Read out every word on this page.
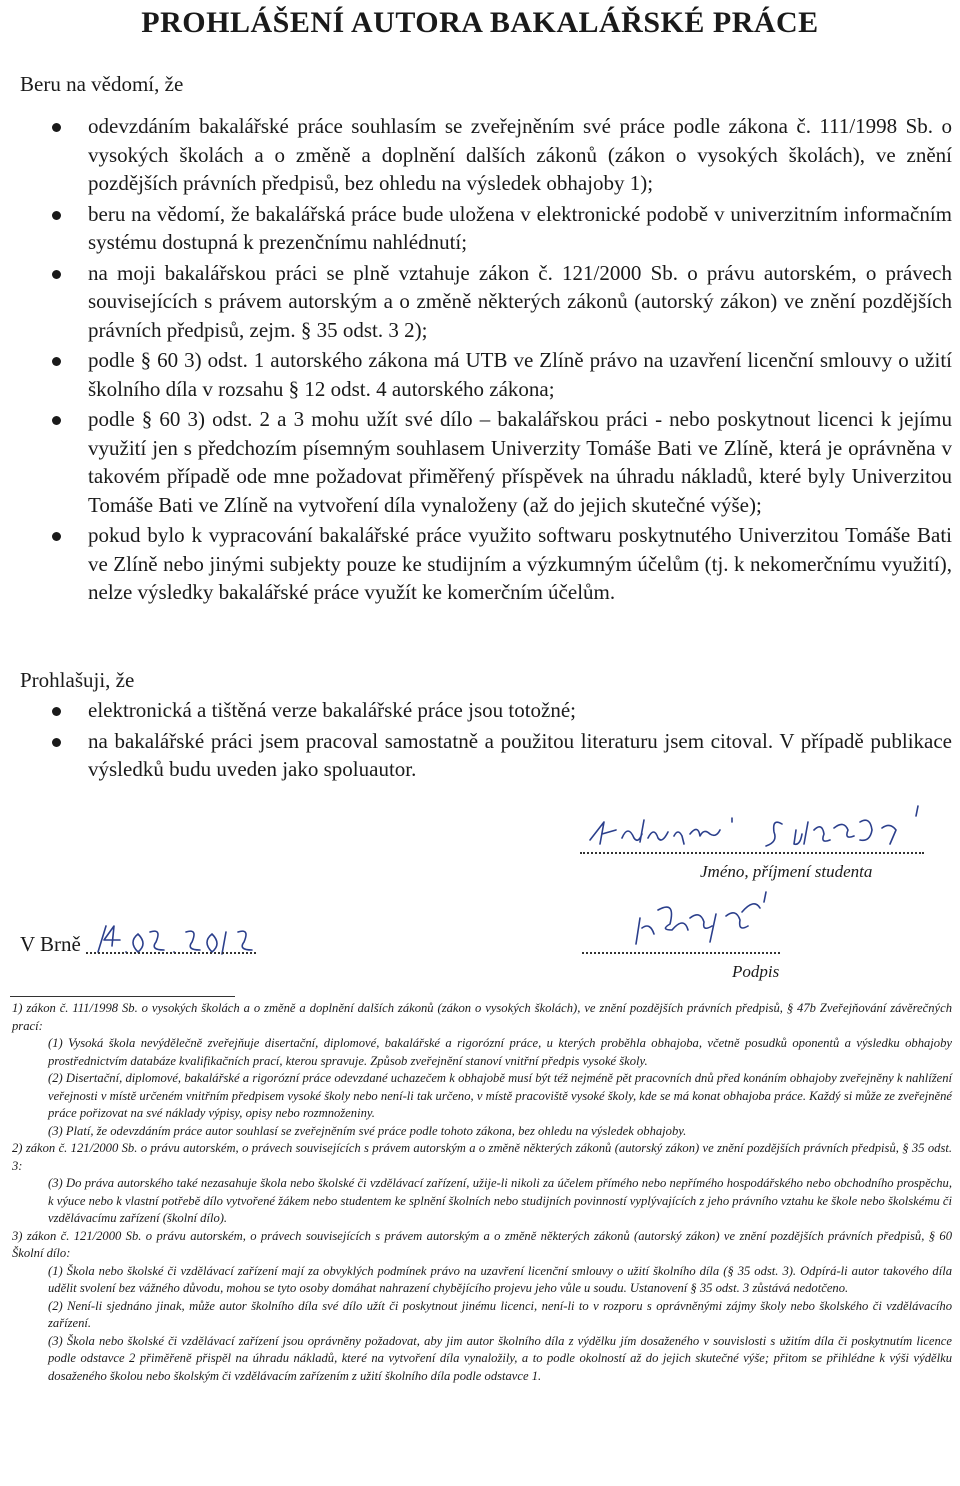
PROHLÁŠENÍ AUTORA BAKALÁŘSKÉ PRÁCE
Beru na vědomí, že
odevzdáním bakalářské práce souhlasím se zveřejněním své práce podle zákona č. 111/1998 Sb. o vysokých školách a o změně a doplnění dalších zákonů (zákon o vysokých školách), ve znění pozdějších právních předpisů, bez ohledu na výsledek obhajoby 1);
beru na vědomí, že bakalářská práce bude uložena v elektronické podobě v univerzitním informačním systému dostupná k prezenčnímu nahlédnutí;
na moji bakalářskou práci se plně vztahuje zákon č. 121/2000 Sb. o právu autorském, o právech souvisejících s právem autorským a o změně některých zákonů (autorský zákon) ve znění pozdějších právních předpisů, zejm. § 35 odst. 3 2);
podle § 60 3) odst. 1 autorského zákona má UTB ve Zlíně právo na uzavření licenční smlouvy o užití školního díla v rozsahu § 12 odst. 4 autorského zákona;
podle § 60 3) odst. 2 a 3 mohu užít své dílo – bakalářskou práci - nebo poskytnout licenci k jejímu využití jen s předchozím písemným souhlasem Univerzity Tomáše Bati ve Zlíně, která je oprávněna v takovém případě ode mne požadovat přiměřený příspěvek na úhradu nákladů, které byly Univerzitou Tomáše Bati ve Zlíně na vytvoření díla vynaloženy (až do jejich skutečné výše);
pokud bylo k vypracování bakalářské práce využito softwaru poskytnutého Univerzitou Tomáše Bati ve Zlíně nebo jinými subjekty pouze ke studijním a výzkumným účelům (tj. k nekomerčnímu využití), nelze výsledky bakalářské práce využít ke komerčním účelům.
Prohlašuji, že
elektronická a tištěná verze bakalářské práce jsou totožné;
na bakalářské práci jsem pracoval samostatně a použitou literaturu jsem citoval. V případě publikace výsledků budu uveden jako spoluautor.
Jméno, příjmení studenta
V Brně
Podpis

1) zákon č. 111/1998 Sb. o vysokých školách a o změně a doplnění dalších zákonů (zákon o vysokých školách), ve znění pozdějších právních předpisů, § 47b Zveřejňování závěrečných prací:

(1) Vysoká škola nevýdělečně zveřejňuje disertační, diplomové, bakalářské a rigorózní práce, u kterých proběhla obhajoba, včetně posudků oponentů a výsledku obhajoby prostřednictvím databáze kvalifikačních prací, kterou spravuje. Způsob zveřejnění stanoví vnitřní předpis vysoké školy.

(2) Disertační, diplomové, bakalářské a rigorózní práce odevzdané uchazečem k obhajobě musí být též nejméně pět pracovních dnů před konáním obhajoby zveřejněny k nahlížení veřejnosti v místě určeném vnitřním předpisem vysoké školy nebo není-li tak určeno, v místě pracoviště vysoké školy, kde se má konat obhajoba práce. Každý si může ze zveřejněné práce pořizovat na své náklady výpisy, opisy nebo rozmnoženiny.

(3) Platí, že odevzdáním práce autor souhlasí se zveřejněním své práce podle tohoto zákona, bez ohledu na výsledek obhajoby.

2) zákon č. 121/2000 Sb. o právu autorském, o právech souvisejících s právem autorským a o změně některých zákonů (autorský zákon) ve znění pozdějších právních předpisů, § 35 odst. 3:

(3) Do práva autorského také nezasahuje škola nebo školské či vzdělávací zařízení, užije-li nikoli za účelem přímého nebo nepřímého hospodářského nebo obchodního prospěchu, k výuce nebo k vlastní potřebě dílo vytvořené žákem nebo studentem ke splnění školních nebo studijních povinností vyplývajících z jeho právního vztahu ke škole nebo školskému či vzdělávacímu zařízení (školní dílo).

3) zákon č. 121/2000 Sb. o právu autorském, o právech souvisejících s právem autorským a o změně některých zákonů (autorský zákon) ve znění pozdějších právních předpisů, § 60 Školní dílo:

(1) Škola nebo školské či vzdělávací zařízení mají za obvyklých podmínek právo na uzavření licenční smlouvy o užití školního díla (§ 35 odst. 3). Odpírá-li autor takového díla udělit svolení bez vážného důvodu, mohou se tyto osoby domáhat nahrazení chybějícího projevu jeho vůle u soudu. Ustanovení § 35 odst. 3 zůstává nedotčeno.

(2) Není-li sjednáno jinak, může autor školního díla své dílo užít či poskytnout jinému licenci, není-li to v rozporu s oprávněnými zájmy školy nebo školského či vzdělávacího zařízení.

(3) Škola nebo školské či vzdělávací zařízení jsou oprávněny požadovat, aby jim autor školního díla z výdělku jím dosaženého v souvislosti s užitím díla či poskytnutím licence podle odstavce 2 přiměřeně přispěl na úhradu nákladů, které na vytvoření díla vynaložily, a to podle okolností až do jejich skutečné výše; přitom se přihlédne k výši výdělku dosaženého školou nebo školským či vzdělávacím zařízením z užití školního díla podle odstavce 1.
